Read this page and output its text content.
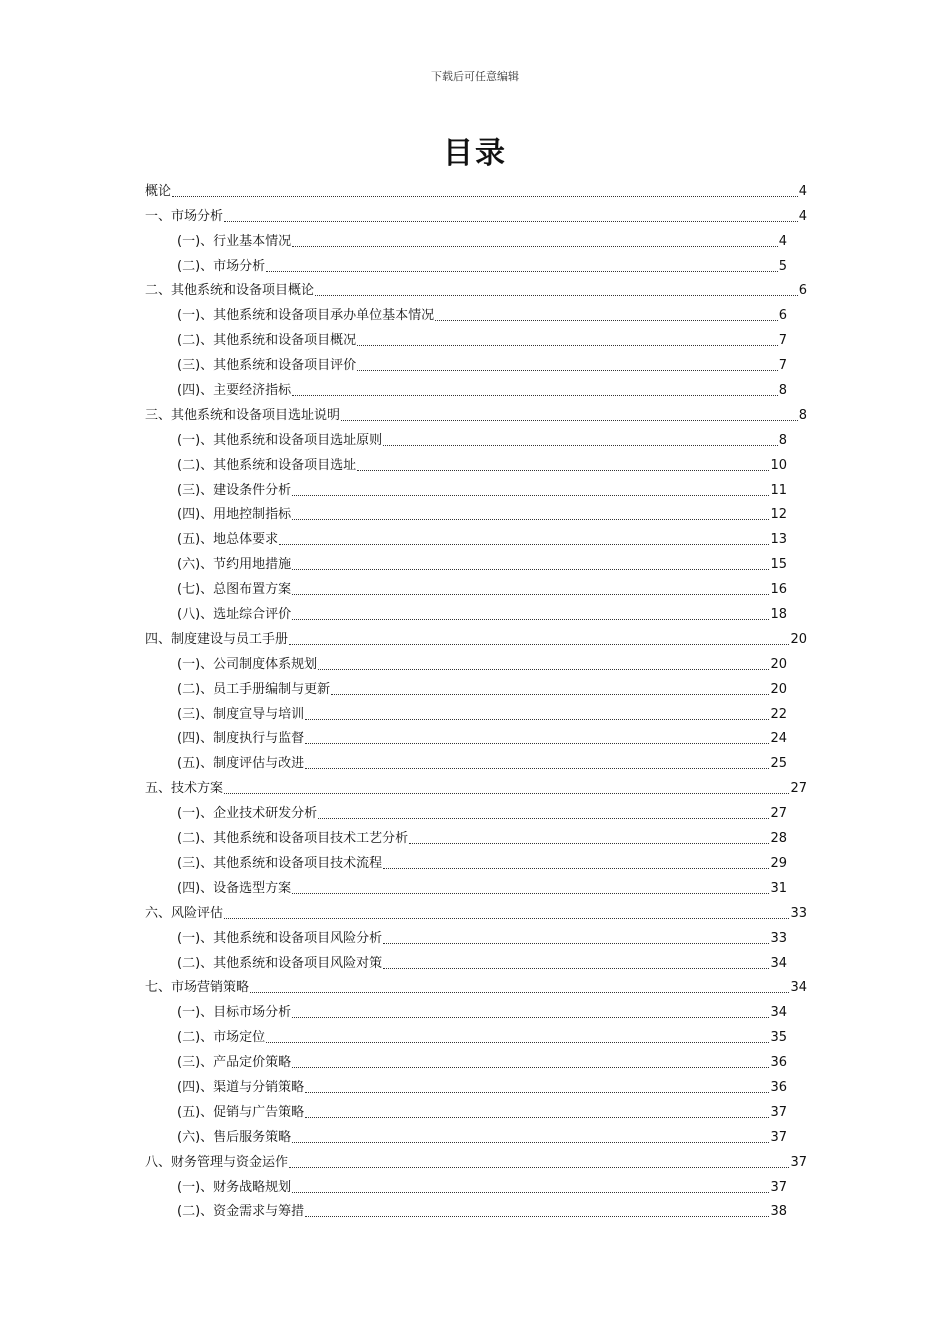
下载后可任意编辑
目录
概论	4
一、市场分析	4
(一)、行业基本情况	4
(二)、市场分析	5
二、其他系统和设备项目概论	6
(一)、其他系统和设备项目承办单位基本情况	6
(二)、其他系统和设备项目概况	7
(三)、其他系统和设备项目评价	7
(四)、主要经济指标	8
三、其他系统和设备项目选址说明	8
(一)、其他系统和设备项目选址原则	8
(二)、其他系统和设备项目选址	10
(三)、建设条件分析	11
(四)、用地控制指标	12
(五)、地总体要求	13
(六)、节约用地措施	15
(七)、总图布置方案	16
(八)、选址综合评价	18
四、制度建设与员工手册	20
(一)、公司制度体系规划	20
(二)、员工手册编制与更新	20
(三)、制度宣导与培训	22
(四)、制度执行与监督	24
(五)、制度评估与改进	25
五、技术方案	27
(一)、企业技术研发分析	27
(二)、其他系统和设备项目技术工艺分析	28
(三)、其他系统和设备项目技术流程	29
(四)、设备选型方案	31
六、风险评估	33
(一)、其他系统和设备项目风险分析	33
(二)、其他系统和设备项目风险对策	34
七、市场营销策略	34
(一)、目标市场分析	34
(二)、市场定位	35
(三)、产品定价策略	36
(四)、渠道与分销策略	36
(五)、促销与广告策略	37
(六)、售后服务策略	37
八、财务管理与资金运作	37
(一)、财务战略规划	37
(二)、资金需求与筹措	38
